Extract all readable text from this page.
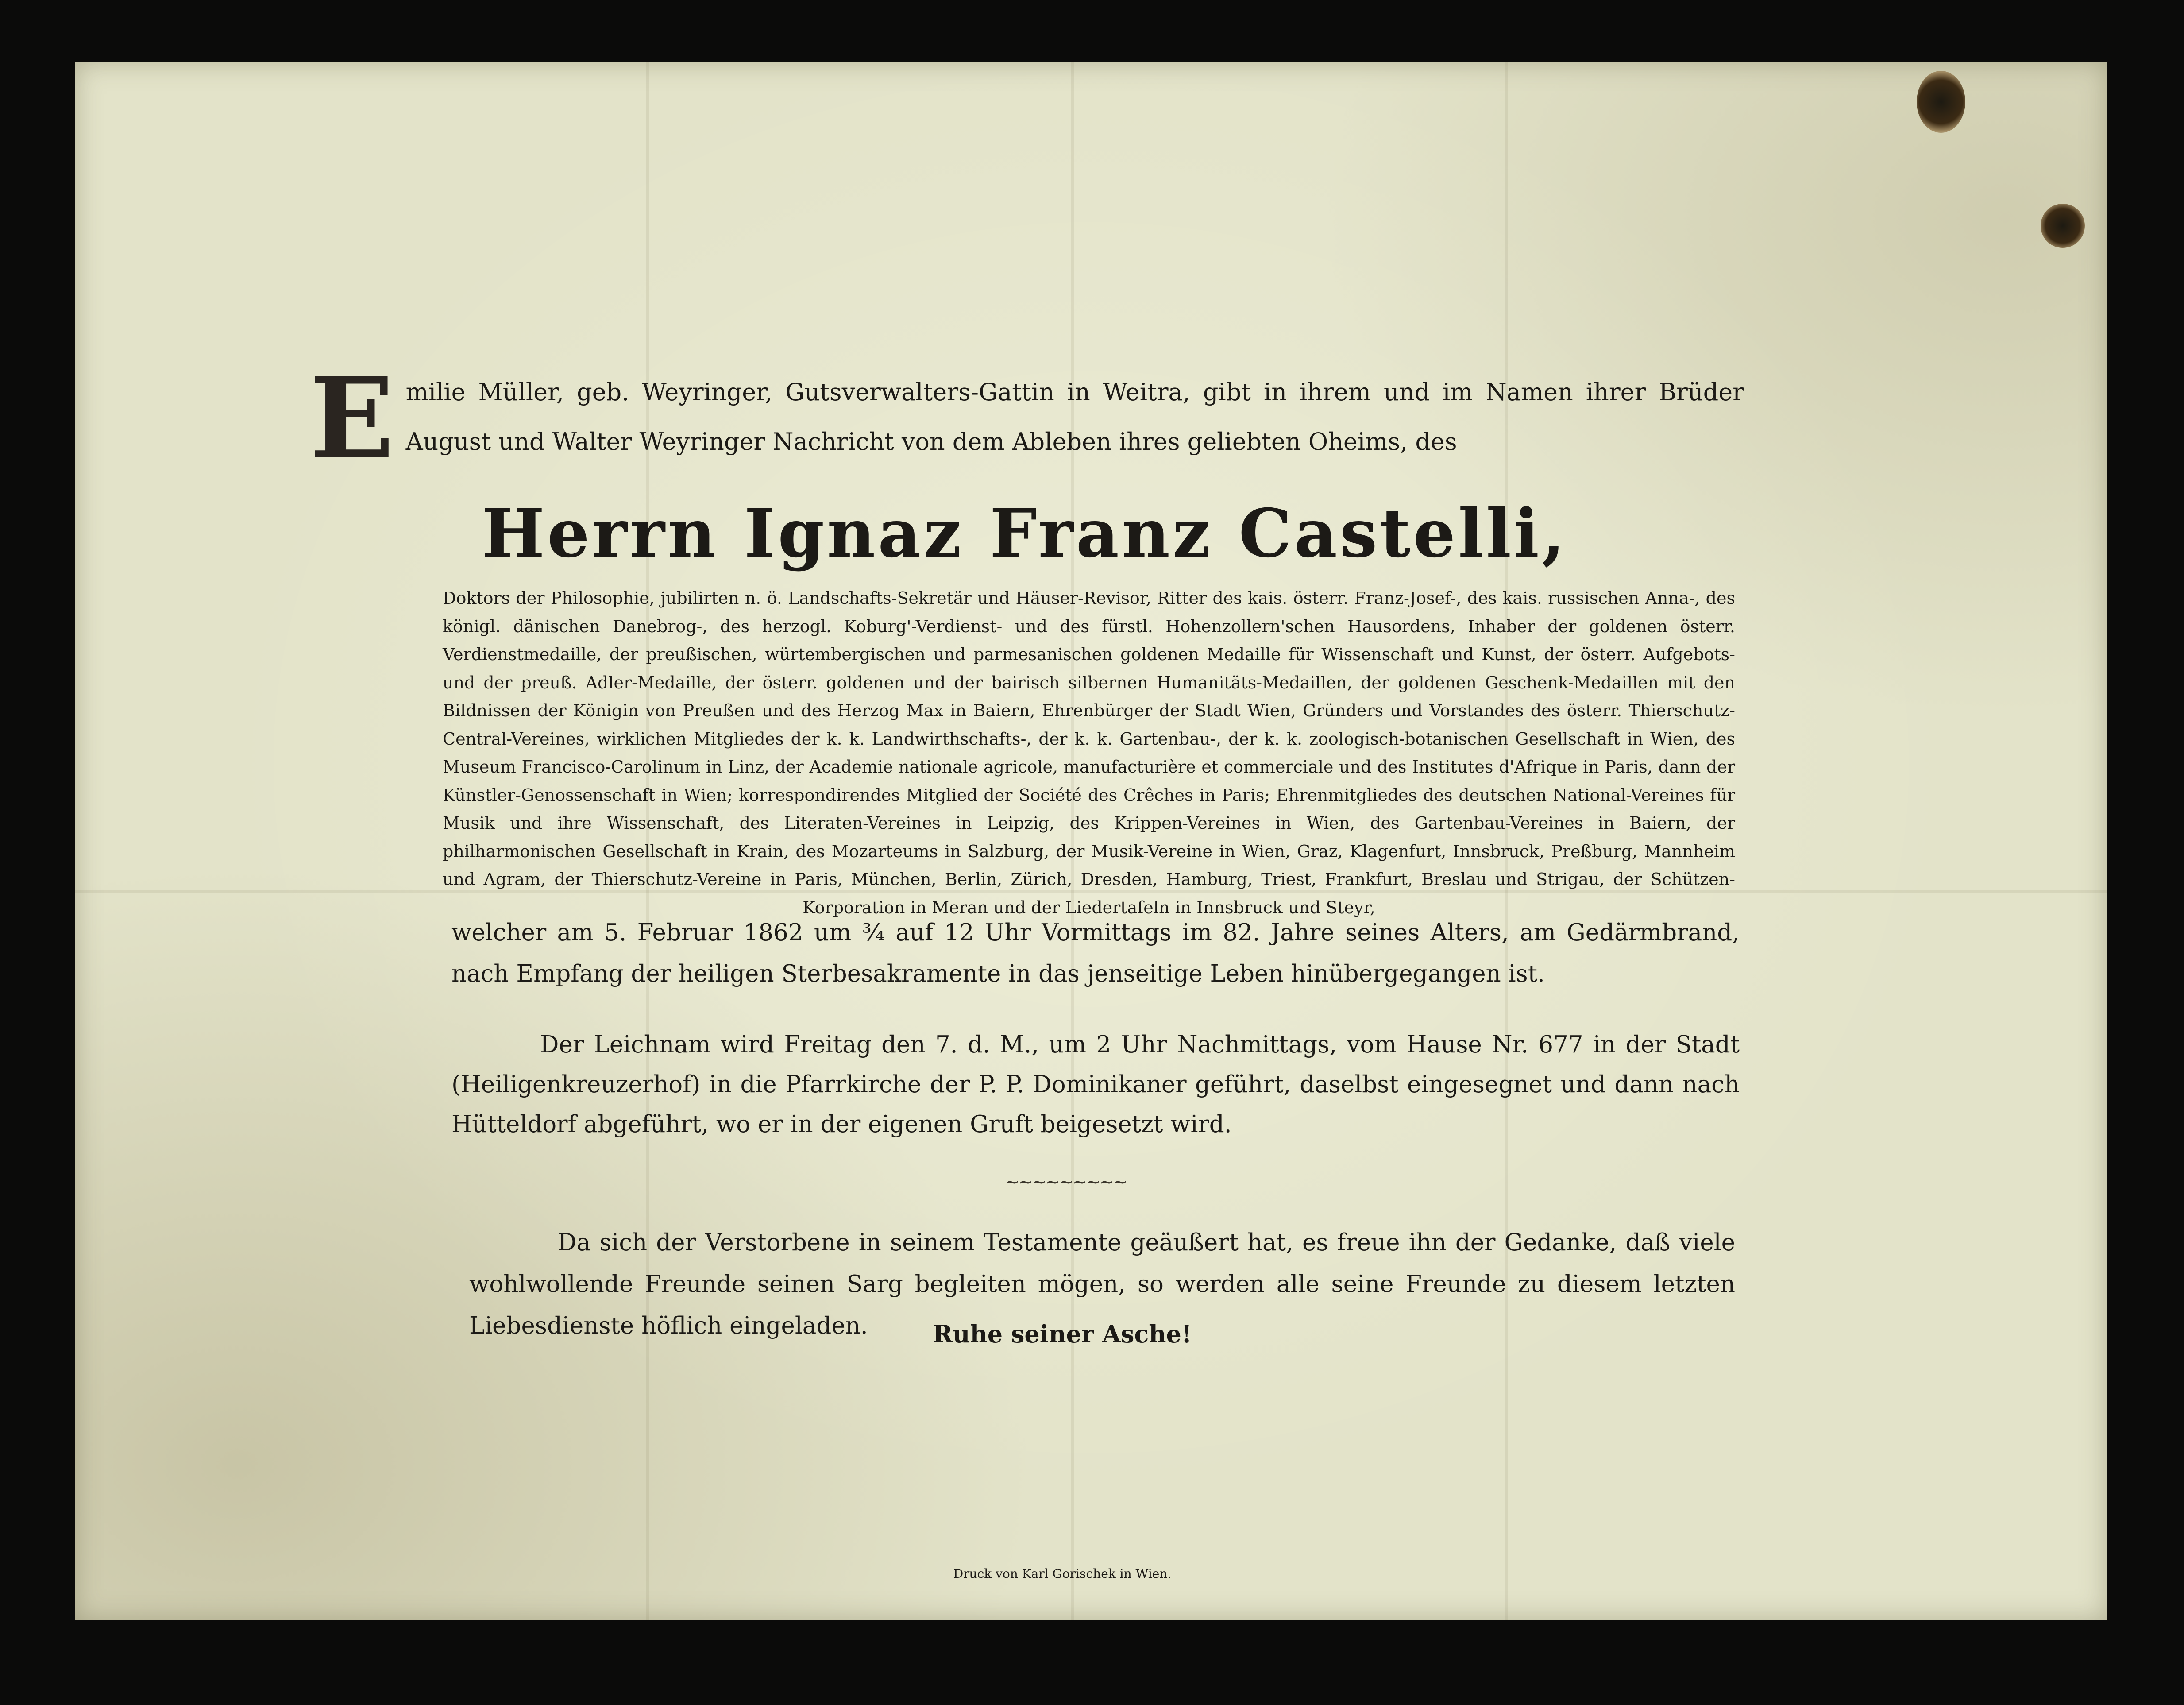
E milie Müller, geb. Weyringer, Gutsverwalters-Gattin in Weitra, gibt in ihrem und im Namen ihrer Brüder August und Walter Weyringer Nachricht von dem Ableben ihres geliebten Oheims, des
Herrn Ignaz Franz Castelli,
Doktors der Philosophie, jubilirten n. ö. Landschafts-Sekretär und Häuser-Revisor, Ritter des kais. österr. Franz-Josef-, des kais. russischen Anna-, des königl. dänischen Danebrog-, des herzogl. Koburg'-Verdienst- und des fürstl. Hohenzollern'schen Hausordens, Inhaber der goldenen österr. Verdienstmedaille, der preußischen, würtembergischen und parmesanischen goldenen Medaille für Wissenschaft und Kunst, der österr. Aufgebots- und der preuß. Adler-Medaille, der österr. goldenen und der bairisch silbernen Humanitäts-Medaillen, der goldenen Geschenk-Medaillen mit den Bildnissen der Königin von Preußen und des Herzog Max in Baiern, Ehrenbürger der Stadt Wien, Gründers und Vorstandes des österr. Thierschutz-Central-Vereines, wirklichen Mitgliedes der k. k. Landwirthschafts-, der k. k. Gartenbau-, der k. k. zoologisch-botanischen Gesellschaft in Wien, des Museum Francisco-Carolinum in Linz, der Academie nationale agricole, manufacturière et commerciale und des Institutes d'Afrique in Paris, dann der Künstler-Genossenschaft in Wien; korrespondirendes Mitglied der Société des Crêches in Paris; Ehrenmitgliedes des deutschen National-Vereines für Musik und ihre Wissenschaft, des Literaten-Vereines in Leipzig, des Krippen-Vereines in Wien, des Gartenbau-Vereines in Baiern, der philharmonischen Gesellschaft in Krain, des Mozarteums in Salzburg, der Musik-Vereine in Wien, Graz, Klagenfurt, Innsbruck, Preßburg, Mannheim und Agram, der Thierschutz-Vereine in Paris, München, Berlin, Zürich, Dresden, Hamburg, Triest, Frankfurt, Breslau und Strigau, der Schützen-Korporation in Meran und der Liedertafeln in Innsbruck und Steyr,
welcher am 5. Februar 1862 um ¾ auf 12 Uhr Vormittags im 82. Jahre seines Alters, am Gedärmbrand, nach Empfang der heiligen Sterbesakramente in das jenseitige Leben hinübergegangen ist.
Der Leichnam wird Freitag den 7. d. M., um 2 Uhr Nachmittags, vom Hause Nr. 677 in der Stadt (Heiligenkreuzerhof) in die Pfarrkirche der P. P. Dominikaner geführt, daselbst eingesegnet und dann nach Hütteldorf abgeführt, wo er in der eigenen Gruft beigesetzt wird.
~~~~~~~~~
Da sich der Verstorbene in seinem Testamente geäußert hat, es freue ihn der Gedanke, daß viele wohlwollende Freunde seinen Sarg begleiten mögen, so werden alle seine Freunde zu diesem letzten Liebesdienste höflich eingeladen.	Ruhe seiner Asche!
Druck von Karl Gorischek in Wien.
